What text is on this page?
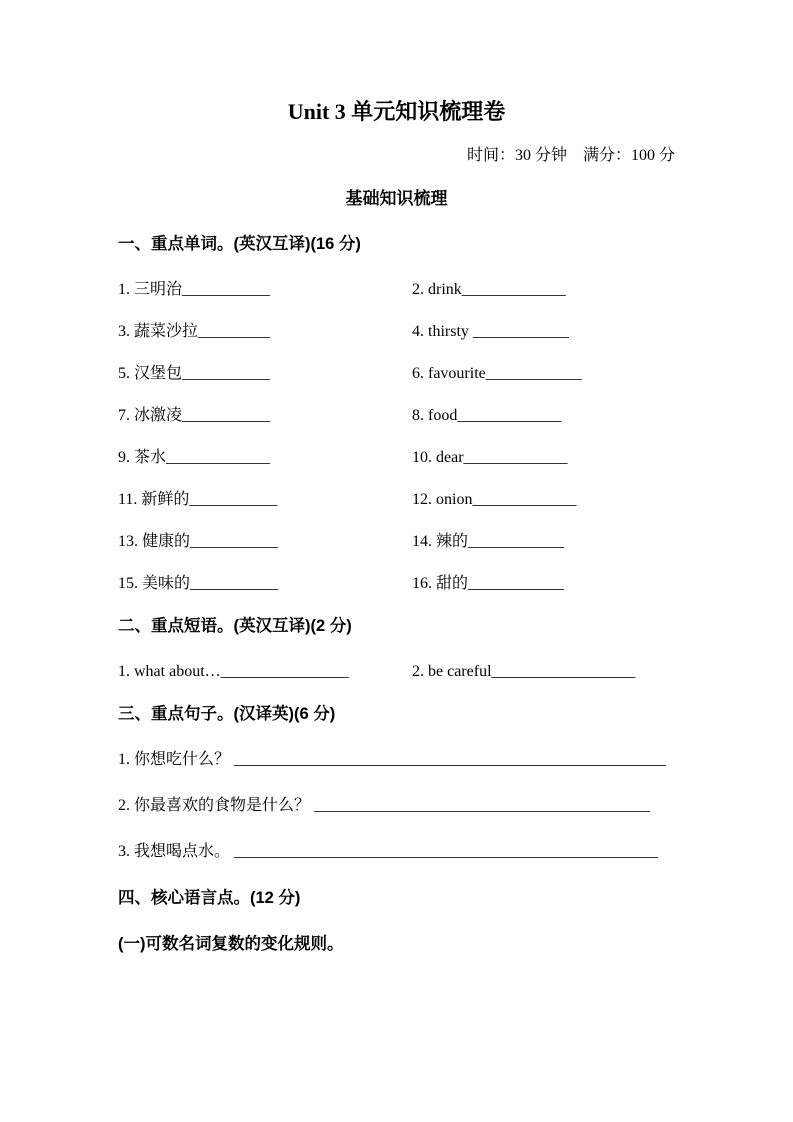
Unit 3 单元知识梳理卷
时间：30 分钟　满分：100 分
基础知识梳理
一、重点单词。(英汉互译)(16 分)
1. 三明治___________	2. drink_____________
3. 蔬菜沙拉_________	4. thirsty ____________
5. 汉堡包___________	6. favourite____________
7. 冰激凌___________	8. food_____________
9. 茶水_____________	10. dear_____________
11. 新鲜的___________	12. onion_____________
13. 健康的___________	14. 辣的____________
15. 美味的___________	16. 甜的____________
二、重点短语。(英汉互译)(2 分)
1. what about…________________	2. be careful__________________
三、重点句子。(汉译英)(6 分)
1. 你想吃什么？ ______________________________________________________
2. 你最喜欢的食物是什么？ __________________________________________
3. 我想喝点水。 _____________________________________________________
四、核心语言点。(12 分)
(一)可数名词复数的变化规则。
